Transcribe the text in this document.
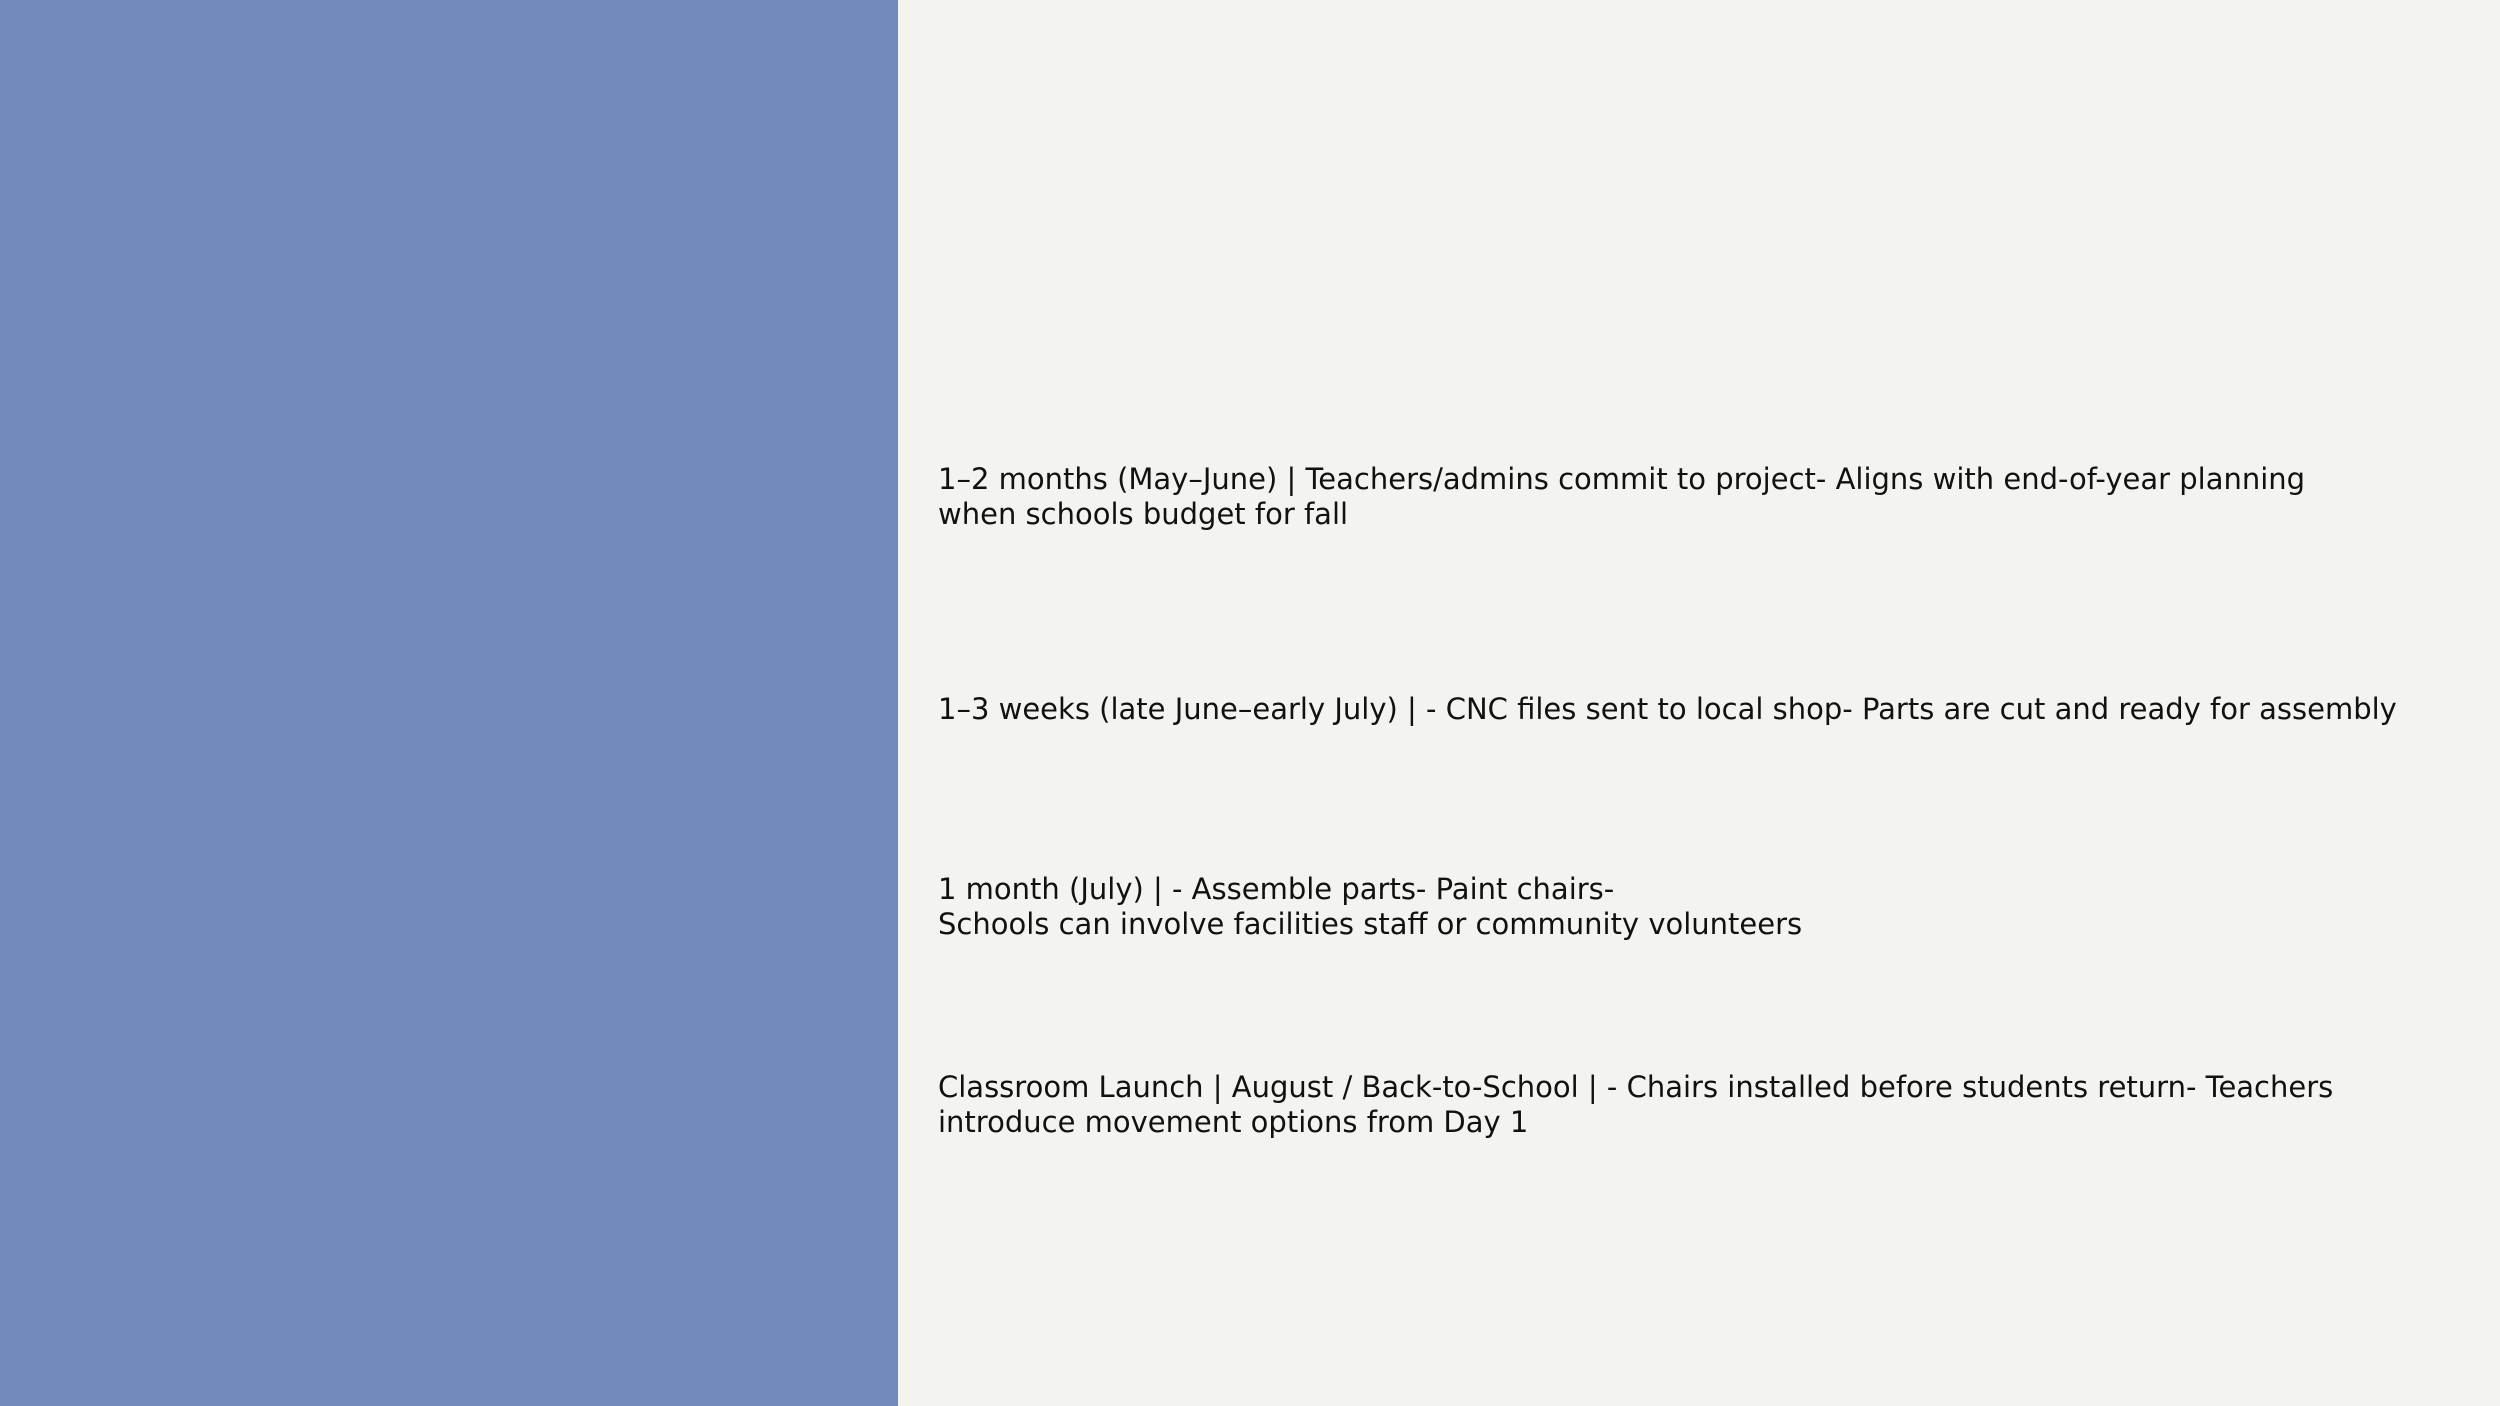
1–2 months (May–June) | Teachers/admins commit to project- Aligns with end-of-year planning
when schools budget for fall
1–3 weeks (late June–early July) | - CNC files sent to local shop- Parts are cut and ready for assembly
1 month (July) | - Assemble parts- Paint chairs-
Schools can involve facilities staff or community volunteers
Classroom Launch | August / Back-to-School | - Chairs installed before students return- Teachers
introduce movement options from Day 1
